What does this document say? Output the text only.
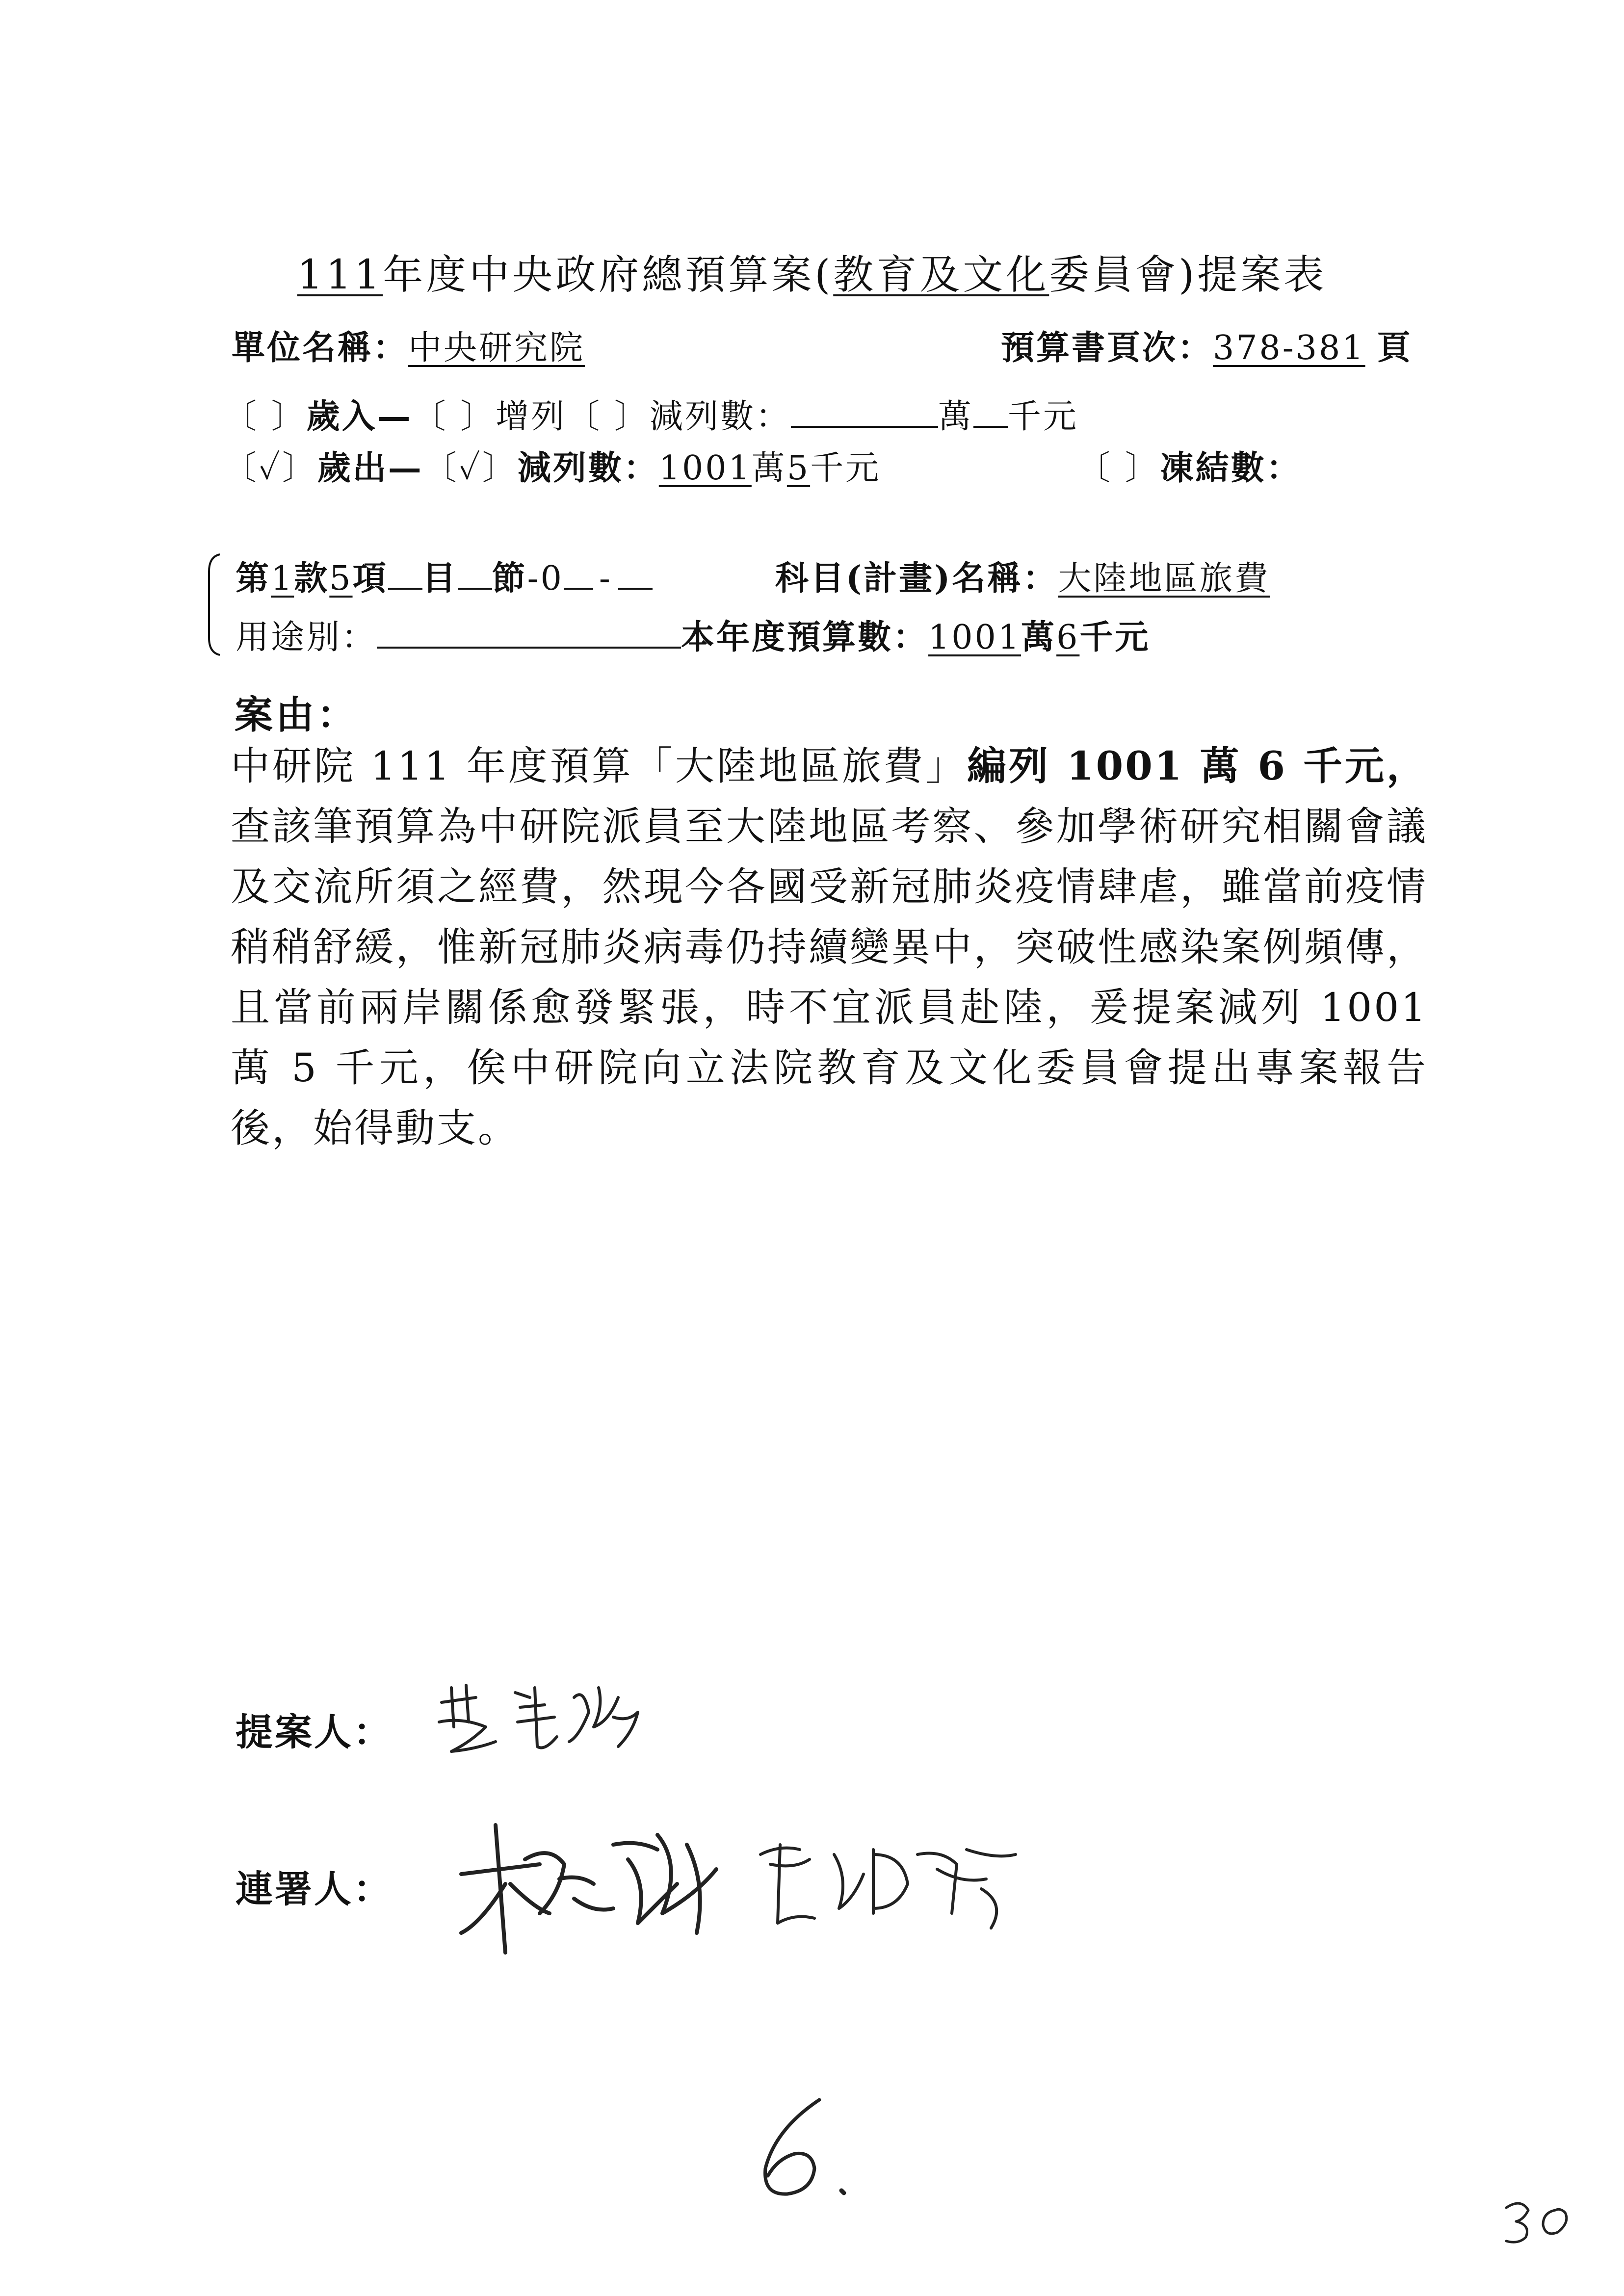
111年度中央政府總預算案(教育及文化委員會)提案表
單位名稱：中央研究院	預算書頁次：378-381 頁
〔 〕歲入—〔 〕增列〔 〕減列數：	萬 千元
〔✓〕歲出—〔✓〕減列數：1001萬5千元	〔 〕凍結數：
第1款5項 目 節-0 -	科目(計畫)名稱：大陸地區旅費
用途別：	本年度預算數：1001萬6千元
案由：
中研院 111 年度預算「大陸地區旅費」編列 1001 萬 6 千元，查該筆預算為中研院派員至大陸地區考察、參加學術研究相關會議及交流所須之經費，然現今各國受新冠肺炎疫情肆虐，雖當前疫情稍稍舒緩，惟新冠肺炎病毒仍持續變異中，突破性感染案例頻傳，且當前兩岸關係愈發緊張，時不宜派員赴陸，爰提案減列 1001 萬 5 千元，俟中研院向立法院教育及文化委員會提出專案報告後，始得動支。
提案人：
連署人：
